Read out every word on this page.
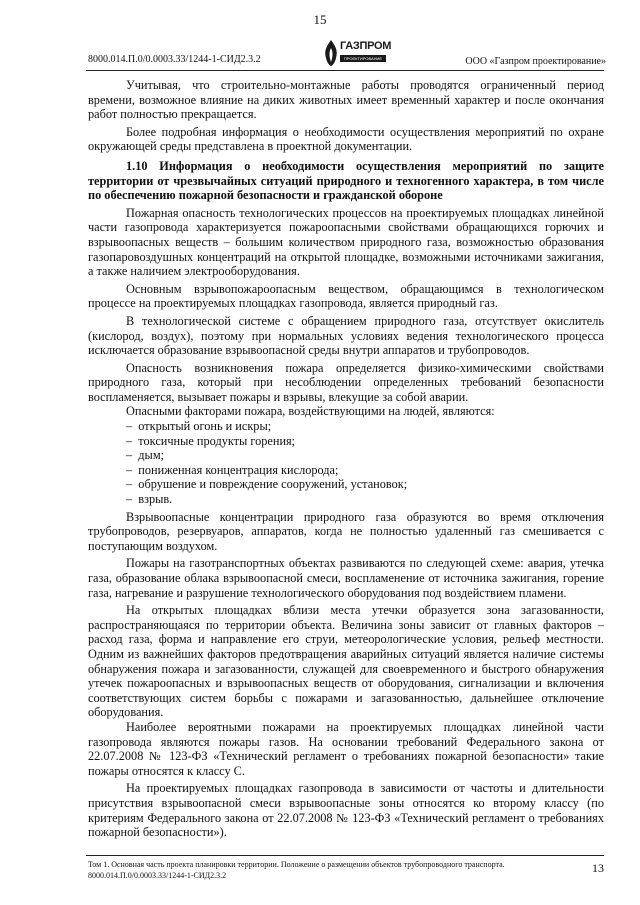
15
8000.014.П.0/0.0003.33/1244-1-СИД2.3.2
ГАЗПРОМ
ПРОЕКТИРОВАНИЕ	ООО «Газпром проектирование»

Учитывая, что строительно-монтажные работы проводятся ограниченный период времени, возможное влияние на диких животных имеет временный характер и после окончания работ полностью прекращается.

Более подробная информация о необходимости осуществления мероприятий по охране окружающей среды представлена в проектной документации.

1.10 Информация о необходимости осуществления мероприятий по защите территории от чрезвычайных ситуаций природного и техногенного характера, в том числе по обеспечению пожарной безопасности и гражданской обороне

Пожарная опасность технологических процессов на проектируемых площадках линейной части газопровода характеризуется пожароопасными свойствами обращающихся горючих и взрывоопасных веществ – большим количеством природного газа, возможностью образования газопаровоздушных концентраций на открытой площадке, возможными источниками зажигания, а также наличием электрооборудования.

Основным взрывопожароопасным веществом, обращающимся в технологическом процессе на проектируемых площадках газопровода, является природный газ.

В технологической системе с обращением природного газа, отсутствует окислитель (кислород, воздух), поэтому при нормальных условиях ведения технологического процесса исключается образование взрывоопасной среды внутри аппаратов и трубопроводов.

Опасность возникновения пожара определяется физико-химическими свойствами природного газа, который при несоблюдении определенных требований безопасности воспламеняется, вызывает пожары и взрывы, влекущие за собой аварии.

Опасными факторами пожара, воздействующими на людей, являются:

–  открытый огонь и искры;
–  токсичные продукты горения;
–  дым;
–  пониженная концентрация кислорода;
–  обрушение и повреждение сооружений, установок;
–  взрыв.

Взрывоопасные концентрации природного газа образуются во время отключения трубопроводов, резервуаров, аппаратов, когда не полностью удаленный газ смешивается с поступающим воздухом.

Пожары на газотранспортных объектах развиваются по следующей схеме: авария, утечка газа, образование облака взрывоопасной смеси, воспламенение от источника зажигания, горение газа, нагревание и разрушение технологического оборудования под воздействием пламени.

На открытых площадках вблизи места утечки образуется зона загазованности, распространяющаяся по территории объекта. Величина зоны зависит от главных факторов – расход газа, форма и направление его струи, метеорологические условия, рельеф местности. Одним из важнейших факторов предотвращения аварийных ситуаций является наличие системы обнаружения пожара и загазованности, служащей для своевременного и быстрого обнаружения утечек пожароопасных и взрывоопасных веществ от оборудования, сигнализации и включения соответствующих систем борьбы с пожарами и загазованностью, дальнейшее отключение оборудования.

Наиболее вероятными пожарами на проектируемых площадках линейной части газопровода являются пожары газов. На основании требований Федерального закона от 22.07.2008 № 123-ФЗ «Технический регламент о требованиях пожарной безопасности» такие пожары относятся к классу С.

На проектируемых площадках газопровода в зависимости от частоты и длительности присутствия взрывоопасной смеси взрывоопасные зоны относятся ко второму классу (по критериям Федерального закона от 22.07.2008 № 123-ФЗ «Технический регламент о требованиях пожарной безопасности»).

Том 1. Основная часть проекта планировки территории. Положение о размещении объектов трубопроводного транспорта.
8000.014.П.0/0.0003.33/1244-1-СИД2.3.2
13
